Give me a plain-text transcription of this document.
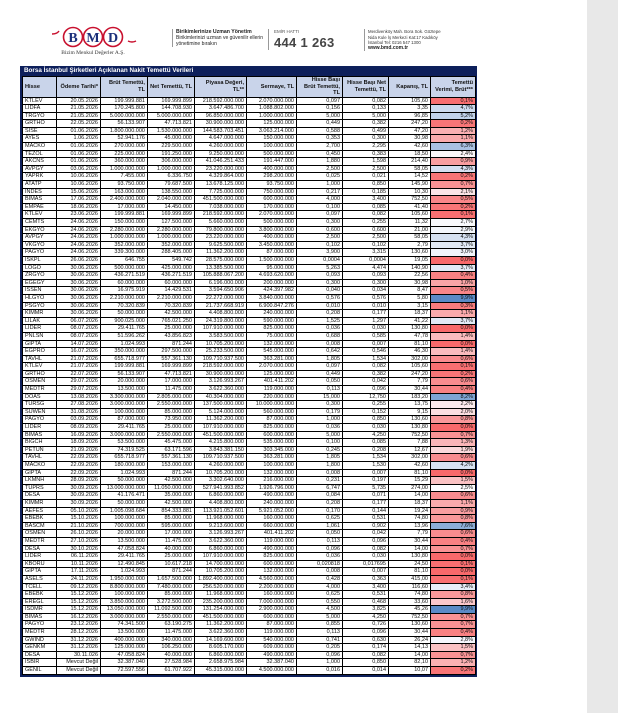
B M D
Bizim Menkul Değerler A.Ş.
Birikimlerinize Uzman Yönetim
Birikimlerinizi uzman ve güvenilir ellerin yönetimine bırakın
EMİR HATTI
444 1 263
Merdivenköy Mah. Bora Sok. Göztepe
Nida Kule İş Merkezi Kat:17 Kadıköy
İstanbul Tel: 0216 547 1300
www.bmd.com.tr
Borsa İstanbul Şirketleri Açıklanan Nakit Temettü Verileri
Hisse	Ödeme Tarihi*	Brüt Temettü, TL	Net Temettü, TL	Piyasa Değeri, TL**	Sermaye, TL	Hisse Başı Brüt Temettü, TL	Hisse Başı Net Temettü, TL	Kapanış, TL	Temettü Verimi, Brüt***
KTLEV	20.05.2026	199.999.881	169.999.899	218.592.000.000	2.070.000.000	0,097	0,082	105,60	0,1%
LIDFA	21.05.2026	170.245.800	144.708.930	3.647.486.700	1.088.802.000	0,156	0,133	3,35	4,7%
TRGYO	21.05.2026	5.000.000.000	5.000.000.000	96.850.000.000	1.000.000.000	5,000	5,000	96,85	5,2%
GRTHO	22.05.2026	56.133.907	47.713.821	30.900.000.000	125.000.000	0,449	0,382	247,20	0,2%
SISE	01.06.2026	1.800.000.000	1.530.000.000	144.583.703.451	3.063.214.000	0,588	0,499	47,20	1,2%
AYES	1.06.2026	52.941.176	45.000.000	4.647.000.000	150.000.000	0,353	0,300	30,98	1,1%
MACKO	01.06.2026	270.000.000	229.500.000	4.260.000.000	100.000.000	2,700	2,295	42,60	6,3%
TEZOL	01.06.2026	225.000.000	191.250.000	9.250.000.000	500.000.000	0,450	0,383	18,50	2,4%
AKCNS	01.06.2026	360.000.000	306.000.000	41.046.251.433	191.447.000	1,880	1,598	214,40	0,9%
AVPGY	03.06.2026	1.000.000.000	1.000.000.000	23.220.000.000	400.000.000	2,500	2,500	58,05	4,3%
YAPRK	10.06.2026	7.455.000	6.336.750	4.329.864.000	298.200.000	0,025	0,021	14,52	0,2%
ATATP	10.06.2026	93.750.000	79.687.500	13.678.125.000	93.750.000	1,000	0,850	145,90	0,7%
INDES	15.06.2026	163.000.000	138.550.000	7.725.000.000	750.000.000	0,217	0,185	10,30	2,1%
BIMAS	17.06.2026	2.400.000.000	2.040.000.000	451.500.000.000	600.000.000	4,000	3,400	752,50	0,5%
EMPAE	18.06.2026	17.000.000	14.450.000	7.038.000.000	170.000.000	0,100	0,085	41,40	0,2%
KTLEV	23.06.2026	199.999.881	169.999.899	218.592.000.000	2.070.000.000	0,097	0,082	105,60	0,1%
CEMTS	24.06.2026	150.000.000	127.500.000	5.660.000.000	500.000.000	0,300	0,255	11,32	2,7%
EKGYO	24.06.2026	2.280.000.000	2.280.000.000	79.800.000.000	3.800.000.000	0,600	0,600	21,00	2,9%
AVPGY	24.06.2026	1.000.000.000	1.000.000.000	23.220.000.000	400.000.000	2,500	2,500	58,05	4,3%
VKGYO	24.06.2026	352.000.000	352.000.000	9.625.500.000	3.450.000.000	0,102	0,102	2,79	3,7%
PAGYO	24.06.2026	339.300.000	288.405.000	11.362.200.000	87.000.000	3,900	3,315	130,60	3,0%
ISKPL	26.06.2026	646.755	549.742	28.575.000.000	1.500.000.000	0,0004	0,0004	19,05	0,0%
LOGO	30.06.2026	500.000.000	425.000.000	13.385.500.000	95.000.000	5,263	4,474	140,90	3,7%
ZRGYO	30.06.2026	436.271.519	436.271.519	105.888.067.200	4.693.620.000	0,093	0,093	22,56	0,4%
EGEGY	30.06.2026	60.000.000	60.000.000	6.196.000.000	200.000.000	0,300	0,300	30,98	1,0%
ISSEN	30.06.2026	16.975.919	14.429.531	3.594.650.906	424.397.982	0,040	0,034	8,47	0,5%
HLGYO	30.06.2026	2.210.000.000	2.210.000.000	22.272.000.000	3.840.000.000	0,576	0,576	5,80	9,9%
PSGYO	30.06.2026	70.320.839	70.320.839	21.737.668.919	6.900.847.276	0,010	0,010	3,15	0,3%
KIMMR	30.06.2026	50.000.000	42.500.000	4.408.800.000	240.000.000	0,208	0,177	18,37	1,1%
LILAK	06.07.2026	900.025.000	765.021.250	24.319.800.000	590.000.000	1,525	1,297	41,22	3,7%
LIDER	08.07.2026	29.411.765	25.000.000	107.910.000.000	825.000.000	0,036	0,030	130,80	0,0%
PNLSN	08.07.2026	51.596.262	43.856.823	3.583.500.000	75.000.000	0,688	0,585	47,78	1,4%
GIPTA	14.07.2026	1.024.993	871.244	10.705.200.000	132.000.000	0,008	0,007	81,10	0,0%
EGPRO	16.07.2026	350.000.000	297.500.000	25.233.500.000	545.000.000	0,642	0,546	46,30	1,4%
TAVHL	21.07.2026	655.718.977	557.361.130	109.710.937.500	363.281.000	1,805	1,534	302,00	0,6%
KTLEV	21.07.2026	199.999.881	169.999.899	218.592.000.000	2.070.000.000	0,097	0,082	105,60	0,1%
GRTHO	22.07.2026	56.133.907	47.713.821	30.900.000.000	125.000.000	0,449	0,382	247,20	0,2%
OSMEN	29.07.2026	20.000.000	17.000.000	3.126.993.267	401.411.202	0,050	0,042	7,79	0,6%
MEDTR	29.07.2026	13.500.000	11.475.000	3.622.360.000	119.000.000	0,113	0,096	30,44	0,4%
DOAS	13.08.2026	3.300.000.000	2.805.000.000	40.304.000.000	220.000.000	15,000	12,750	183,20	8,2%
TURSG	27.08.2026	3.000.000.000	2.550.000.000	137.500.000.000	10.000.000.000	0,300	0,255	13,75	2,2%
SUWEN	31.08.2026	100.000.000	85.000.000	5.124.000.000	560.000.000	0,179	0,152	9,15	2,0%
PAGYO	03.09.2026	87.000.000	73.950.000	11.362.200.000	87.000.000	1,000	0,850	130,60	0,8%
LIDER	08.09.2026	29.411.765	25.000.000	107.910.000.000	825.000.000	0,036	0,030	130,80	0,0%
BIMAS	16.09.2026	3.000.000.000	2.550.000.000	451.500.000.000	600.000.000	5,000	4,250	752,50	0,7%
BIGCH	18.09.2026	53.500.000	45.475.000	4.215.800.000	535.000.000	0,100	0,085	7,88	1,3%
PETUN	21.09.2026	74.319.525	63.171.596	3.843.381.150	303.345.000	0,245	0,208	12,67	1,9%
TAVHL	22.09.2026	655.718.977	557.361.130	109.710.937.500	363.281.000	1,805	1,534	302,00	0,6%
MACKO	22.09.2026	180.000.000	153.000.000	4.260.000.000	100.000.000	1,800	1,530	42,60	4,2%
GIPTA	22.09.2026	1.024.993	871.244	10.705.200.000	132.000.000	0,008	0,007	81,10	0,0%
LKMNH	28.09.2026	50.000.000	42.500.000	3.302.640.000	216.000.000	0,231	0,197	15,29	1,5%
TUPRS	30.09.2026	13.000.000.000	11.050.000.000	527.941.993.852	1.926.796.000	6,747	5,735	274,00	2,5%
DESA	30.09.2026	41.176.471	35.000.000	6.860.000.000	490.000.000	0,084	0,071	14,00	0,6%
KIMMR	30.09.2026	50.000.000	42.500.000	4.408.800.000	240.000.000	0,208	0,177	18,37	1,1%
AEFES	05.10.2026	1.005.098.684	854.333.881	113.921.052.601	5.921.052.000	0,170	0,144	19,24	0,9%
EBEBK	15.10.2026	100.000.000	85.000.000	11.968.000.000	160.000.000	0,625	0,531	74,80	0,8%
BASCM	21.10.2026	700.000.000	595.000.000	9.213.600.000	660.000.000	1,061	0,902	13,96	7,6%
OSMEN	26.10.2026	20.000.000	17.000.000	3.126.993.267	401.411.202	0,050	0,042	7,79	0,6%
MEDTR	27.10.2026	13.500.000	11.475.000	3.622.360.000	119.000.000	0,113	0,096	30,44	0,4%
DESA	30.10.2026	47.058.824	40.000.000	6.860.000.000	490.000.000	0,096	0,082	14,00	0,7%
LIDER	06.11.2026	29.411.765	25.000.000	107.910.000.000	825.000.000	0,036	0,030	130,80	0,0%
KBORU	10.11.2026	12.490.845	10.617.218	14.700.000.000	600.000.000	0,020818	0,017695	24,50	0,1%
GIPTA	17.11.2026	1.024.993	871.244	10.705.200.000	132.000.000	0,008	0,007	81,10	0,0%
ASELS	24.11.2026	1.950.000.000	1.657.500.000	1.892.400.000.000	4.560.000.000	0,428	0,363	415,00	0,1%
TCELL	09.12.2026	8.800.000.000	7.480.000.000	256.520.000.000	2.200.000.000	4,000	3,400	116,60	3,4%
EBEBK	15.12.2026	100.000.000	85.000.000	11.968.000.000	160.000.000	0,625	0,531	74,80	0,8%
EREGL	15.12.2026	3.850.000.000	3.272.500.000	235.200.000.000	7.000.000.000	0,550	0,468	33,60	1,6%
ISDMR	15.12.2026	13.050.000.000	11.092.500.000	131.254.000.000	2.900.000.000	4,500	3,825	45,26	9,9%
BIMAS	16.12.2026	3.000.000.000	2.550.000.000	451.500.000.000	600.000.000	5,000	4,250	752,50	0,7%
PAGYO	23.12.2026	74.341.500	63.190.275	11.362.200.000	87.000.000	0,855	0,726	130,60	0,7%
MEDTR	28.12.2026	13.500.000	11.475.000	3.622.360.000	119.000.000	0,113	0,096	30,44	0,4%
GWIND	31.12.2026	400.000.000	340.000.000	14.169.600.000	540.000.000	0,741	0,630	26,24	2,8%
GENKM	31.12.2026	125.000.000	106.250.000	8.605.170.000	609.000.000	0,205	0,174	14,13	1,5%
DESA	30.11.026	47.058.824	40.000.000	6.860.000.000	490.000.000	0,096	0,082	14,00	0,7%
ISBIR	Mevcut Değil	32.387.040	27.528.984	2.658.975.984	32.387.040	1,000	0,850	82,10	1,2%
GENIL	Mevcut Değil	72.597.556	61.707.922	45.315.000.000	4.500.000.000	0,016	0,014	10,07	0,2%
